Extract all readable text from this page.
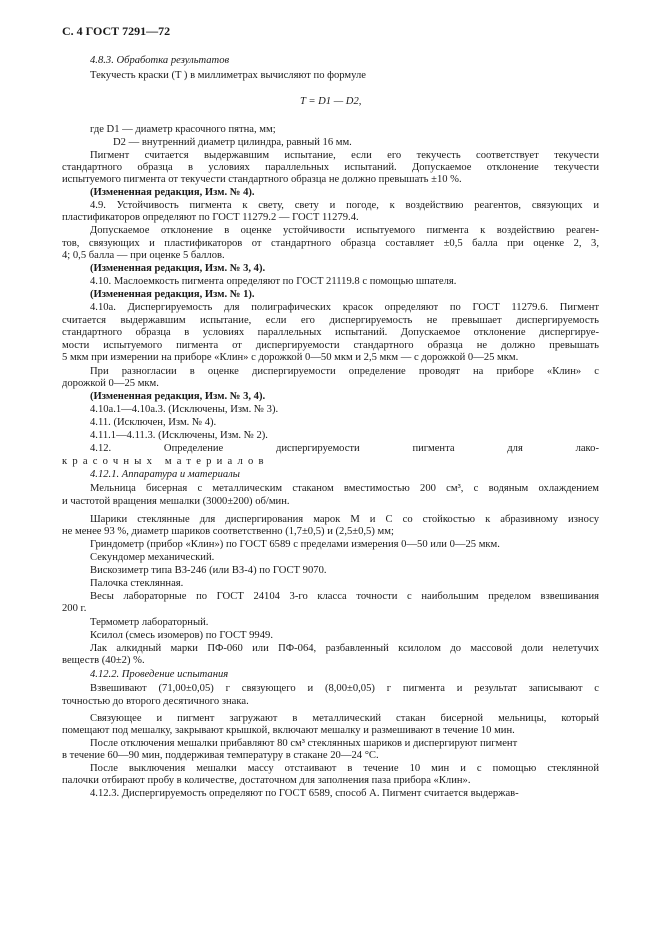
С. 4 ГОСТ 7291—72
4.8.3. Обработка результатов
Текучесть краски (T ) в миллиметрах вычисляют по формуле
T = D1 — D2,
где D1 — диаметр красочного пятна, мм;
D2 — внутренний диаметр цилиндра, равный 16 мм.
Пигмент считается выдержавшим испытание, если его текучесть соответствует текучести
стандартного образца в условиях параллельных испытаний. Допускаемое отклонение текучести
испытуемого пигмента от текучести стандартного образца не должно превышать ±10 %.
(Измененная редакция, Изм. № 4).
4.9. Устойчивость пигмента к свету, свету и погоде, к воздействию реагентов, связующих и
пластификаторов определяют по ГОСТ 11279.2 — ГОСТ 11279.4.
Допускаемое отклонение в оценке устойчивости испытуемого пигмента к воздействию реаген-
тов, связующих и пластификаторов от стандартного образца составляет ±0,5 балла при оценке 2, 3,
4; 0,5 балла — при оценке 5 баллов.
(Измененная редакция, Изм. № 3, 4).
4.10. Маслоемкость пигмента определяют по ГОСТ 21119.8 с помощью шпателя.
(Измененная редакция, Изм. № 1).
4.10а. Диспергируемость для полиграфических красок определяют по ГОСТ 11279.6. Пигмент
считается выдержавшим испытание, если его диспергируемость не превышает диспергируемость
стандартного образца в условиях параллельных испытаний. Допускаемое отклонение диспергируе-
мости испытуемого пигмента от диспергируемости стандартного образца не должно превышать
5 мкм при измерении на приборе «Клин» с дорожкой 0—50 мкм и 2,5 мкм — с дорожкой 0—25 мкм.
При разногласии в оценке диспергируемости определение проводят на приборе «Клин» с
дорожкой 0—25 мкм.
(Измененная редакция, Изм. № 3, 4).
4.10а.1—4.10а.3. (Исключены, Изм. № 3).
4.11. (Исключен, Изм. № 4).
4.11.1—4.11.3. (Исключены, Изм. № 2).
4.12. Определение диспергируемости пигмента для лако-
красочных материалов
4.12.1. Аппаратура и материалы
Мельница бисерная с металлическим стаканом вместимостью 200 см³, с водяным охлаждением
и частотой вращения мешалки (3000±200) об/мин.
Шарики стеклянные для диспергирования марок М и С со стойкостью к абразивному износу
не менее 93 %, диаметр шариков соответственно (1,7±0,5) и (2,5±0,5) мм;
Гриндометр (прибор «Клин») по ГОСТ 6589 с пределами измерения 0—50 или 0—25 мкм.
Секундомер механический.
Вискозиметр типа ВЗ-246 (или ВЗ-4) по ГОСТ 9070.
Палочка стеклянная.
Весы лабораторные по ГОСТ 24104 3-го класса точности с наибольшим пределом взвешивания
200 г.
Термометр лабораторный.
Ксилол (смесь изомеров) по ГОСТ 9949.
Лак алкидный марки ПФ-060 или ПФ-064, разбавленный ксилолом до массовой доли нелетучих
веществ (40±2) %.
4.12.2. Проведение испытания
Взвешивают (71,00±0,05) г связующего и (8,00±0,05) г пигмента и результат записывают с
точностью до второго десятичного знака.
Связующее и пигмент загружают в металлический стакан бисерной мельницы, который
помещают под мешалку, закрывают крышкой, включают мешалку и размешивают в течение 10 мин.
После отключения мешалки прибавляют 80 см³ стеклянных шариков и диспергируют пигмент
в течение 60—90 мин, поддерживая температуру в стакане 20—24 °С.
После выключения мешалки массу отстаивают в течение 10 мин и с помощью стеклянной
палочки отбирают пробу в количестве, достаточном для заполнения паза прибора «Клин».
4.12.3. Диспергируемость определяют по ГОСТ 6589, способ А. Пигмент считается выдержав-
